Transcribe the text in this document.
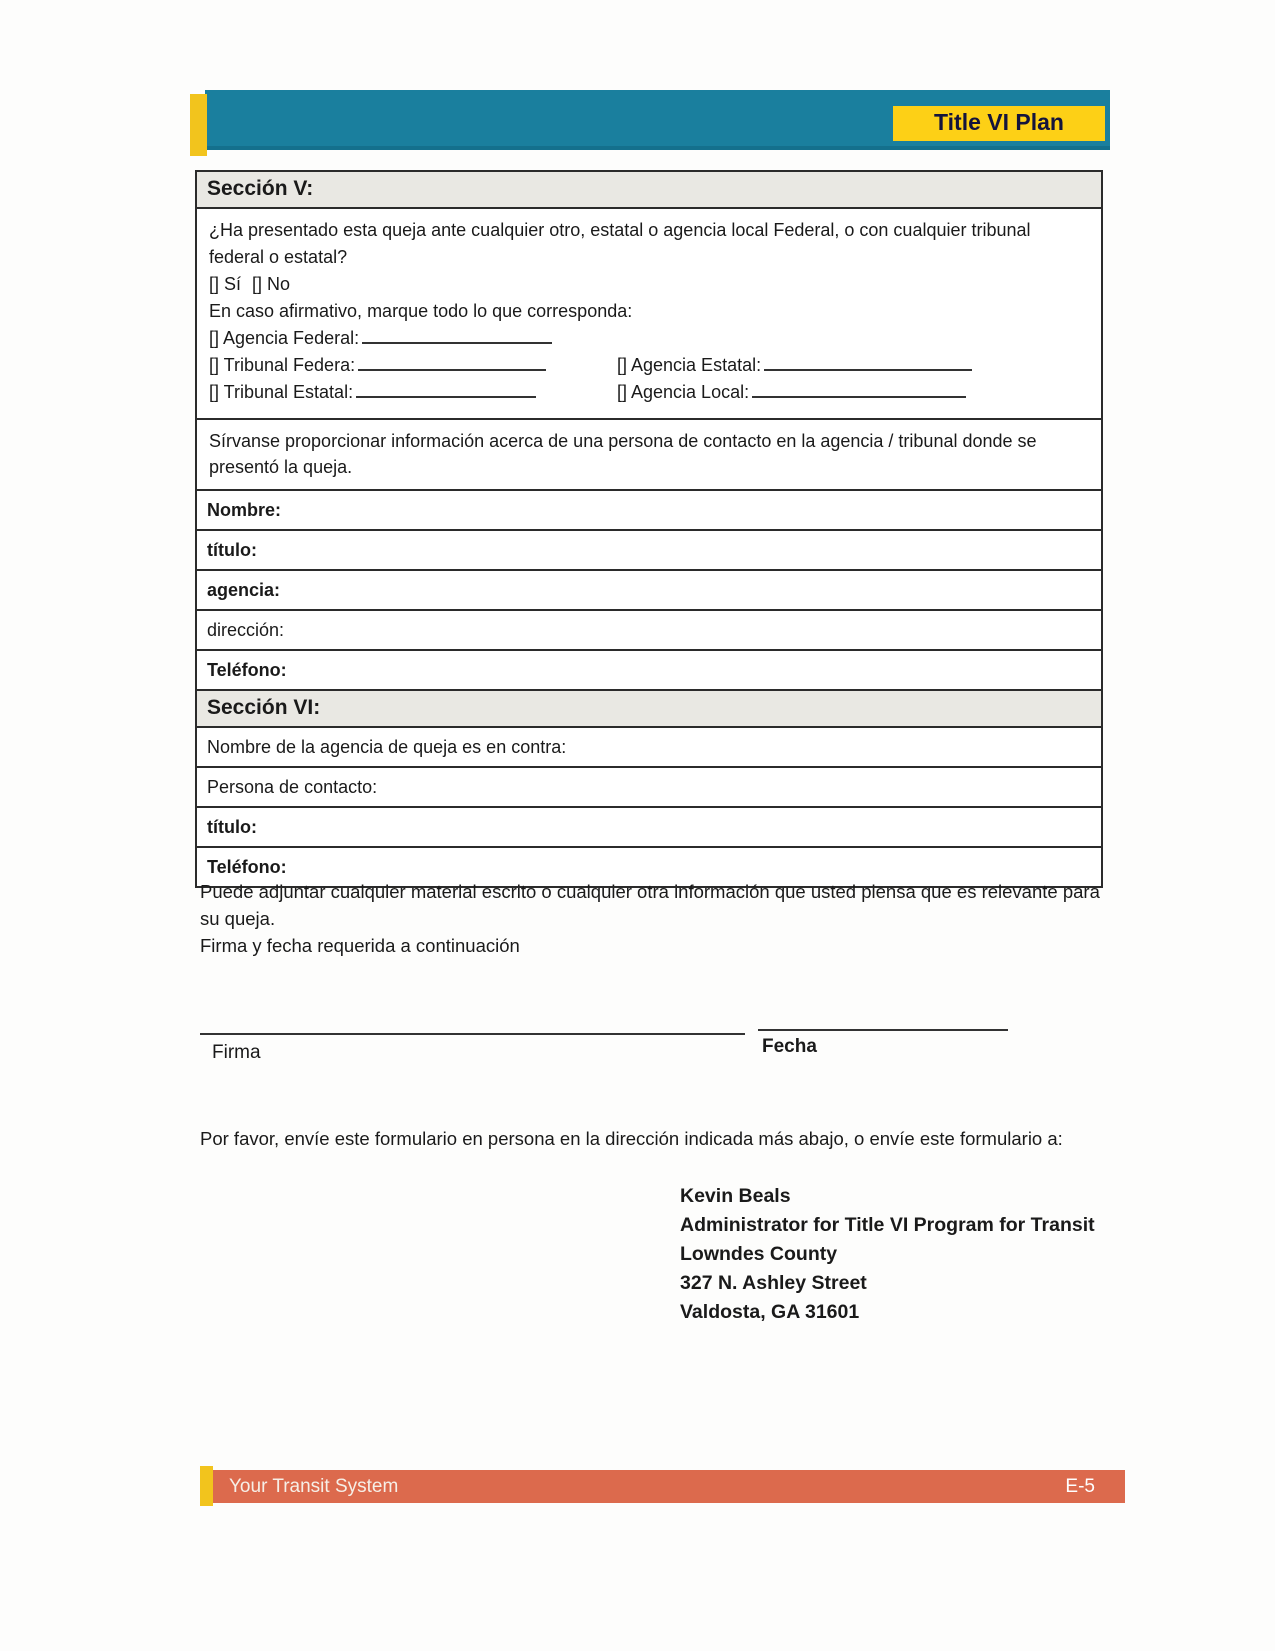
Title VI Plan
Sección V:
¿Ha presentado esta queja ante cualquier otro, estatal o agencia local Federal, o con cualquier tribunal federal o estatal?
[] Sí [] No
En caso afirmativo, marque todo lo que corresponda:
[] Agencia Federal:
[] Tribunal Federa:	[] Agencia Estatal:
[] Tribunal Estatal:	[] Agencia Local:
Sírvanse proporcionar información acerca de una persona de contacto en la agencia / tribunal donde se presentó la queja.
Nombre:
título:
agencia:
dirección:
Teléfono:
Sección VI:
Nombre de la agencia de queja es en contra:
Persona de contacto:
título:
Teléfono:
Puede adjuntar cualquier material escrito o cualquier otra información que usted piensa que es relevante para su queja.
Firma y fecha requerida a continuación
Firma	Fecha
Por favor, envíe este formulario en persona en la dirección indicada más abajo, o envíe este formulario a:
Kevin Beals
Administrator for Title VI Program for Transit
Lowndes County
327 N. Ashley Street
Valdosta, GA 31601
Your Transit System	E-5
